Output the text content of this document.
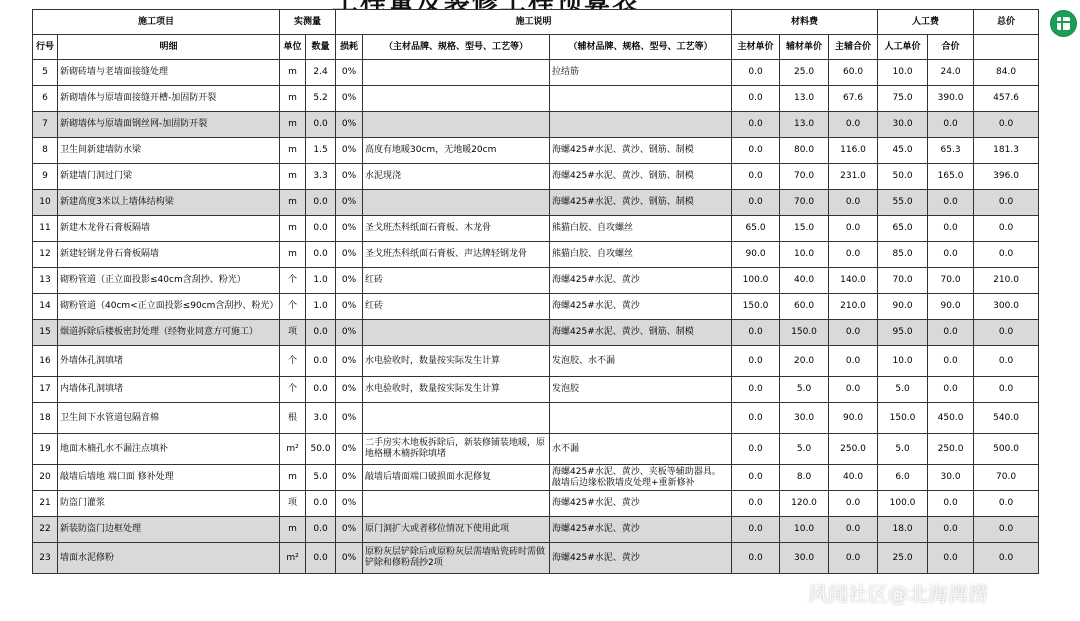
施工项目		实测量		施工说明			材料费			人工费		总价
行号	明细	单位	数量	损耗	（主材品牌、规格、型号、工艺等）	（辅材品牌、规格、型号、工艺等）	主材单价	辅材单价	主辅合价	人工单价	合价	
5	新砌砖墙与老墙面接缝处理	m	2.4	0%		拉结筋	0.0	25.0	60.0	10.0	24.0	84.0
6	新砌墙体与原墙面接缝开槽-加固防开裂	m	5.2	0%			0.0	13.0	67.6	75.0	390.0	457.6
7	新砌墙体与原墙面钢丝网-加固防开裂	m	0.0	0%			0.0	13.0	0.0	30.0	0.0	0.0
8	卫生间新建墙防水梁	m	1.5	0%	高度有地暖30cm，无地暖20cm	海螺425#水泥、黄沙、钢筋、制模	0.0	80.0	116.0	45.0	65.3	181.3
9	新建墙门洞过门梁	m	3.3	0%	水泥现浇	海螺425#水泥、黄沙、钢筋、制模	0.0	70.0	231.0	50.0	165.0	396.0
10	新建高度3米以上墙体结构梁	m	0.0	0%		海螺425#水泥、黄沙、钢筋、制模	0.0	70.0	0.0	55.0	0.0	0.0
11	新建木龙骨石膏板隔墙	m	0.0	0%	圣戈班杰科纸面石膏板、木龙骨	熊猫白胶、自攻螺丝	65.0	15.0	0.0	65.0	0.0	0.0
12	新建轻钢龙骨石膏板隔墙	m	0.0	0%	圣戈班杰科纸面石膏板、声达牌轻钢龙骨	熊猫白胶、自攻螺丝	90.0	10.0	0.0	85.0	0.0	0.0
13	砌粉管道（正立面投影≤40cm含刮抄、粉光）	个	1.0	0%	红砖	海螺425#水泥、黄沙	100.0	40.0	140.0	70.0	70.0	210.0
14	砌粉管道（40cm<正立面投影≤90cm含刮抄、粉光）	个	1.0	0%	红砖	海螺425#水泥、黄沙	150.0	60.0	210.0	90.0	90.0	300.0
15	烟道拆除后楼板密封处理（经物业同意方可施工）	项	0.0	0%		海螺425#水泥、黄沙、钢筋、制模	0.0	150.0	0.0	95.0	0.0	0.0
16	外墙体孔洞填堵	个	0.0	0%	水电验收时，数量按实际发生计算	发泡胶、水不漏	0.0	20.0	0.0	10.0	0.0	0.0
17	内墙体孔洞填堵	个	0.0	0%	水电验收时，数量按实际发生计算	发泡胶	0.0	5.0	0.0	5.0	0.0	0.0
18	卫生间下水管道包隔音棉	根	3.0	0%			0.0	30.0	90.0	150.0	450.0	540.0
19	地面木楠孔水不漏注点填补	m²	50.0	0%	二手房实木地板拆除后，新装修铺装地暖，原地格栅木楠拆除填堵	水不漏	0.0	5.0	250.0	5.0	250.0	500.0
20	敲墙后墙地 端口面 修补处理	m	5.0	0%	敲墙后墙面端口破损面水泥修复	海螺425#水泥、黄沙、夹板等辅助器具。敲墙后边缘松散墙皮处理+重新修补	0.0	8.0	40.0	6.0	30.0	70.0
21	防盗门灌浆	项	0.0	0%		海螺425#水泥、黄沙	0.0	120.0	0.0	100.0	0.0	0.0
22	新装防盗门边框处理	m	0.0	0%	原门洞扩大或者移位情况下使用此项	海螺425#水泥、黄沙	0.0	10.0	0.0	18.0	0.0	0.0
23	墙面水泥修粉	m²	0.0	0%	原粉灰层铲除后或原粉灰层需墙贴瓷砖时需做铲除和修粉刮抄2项	海螺425#水泥、黄沙	0.0	30.0	0.0	25.0	0.0	0.0
风闻社区@北海湾捞
